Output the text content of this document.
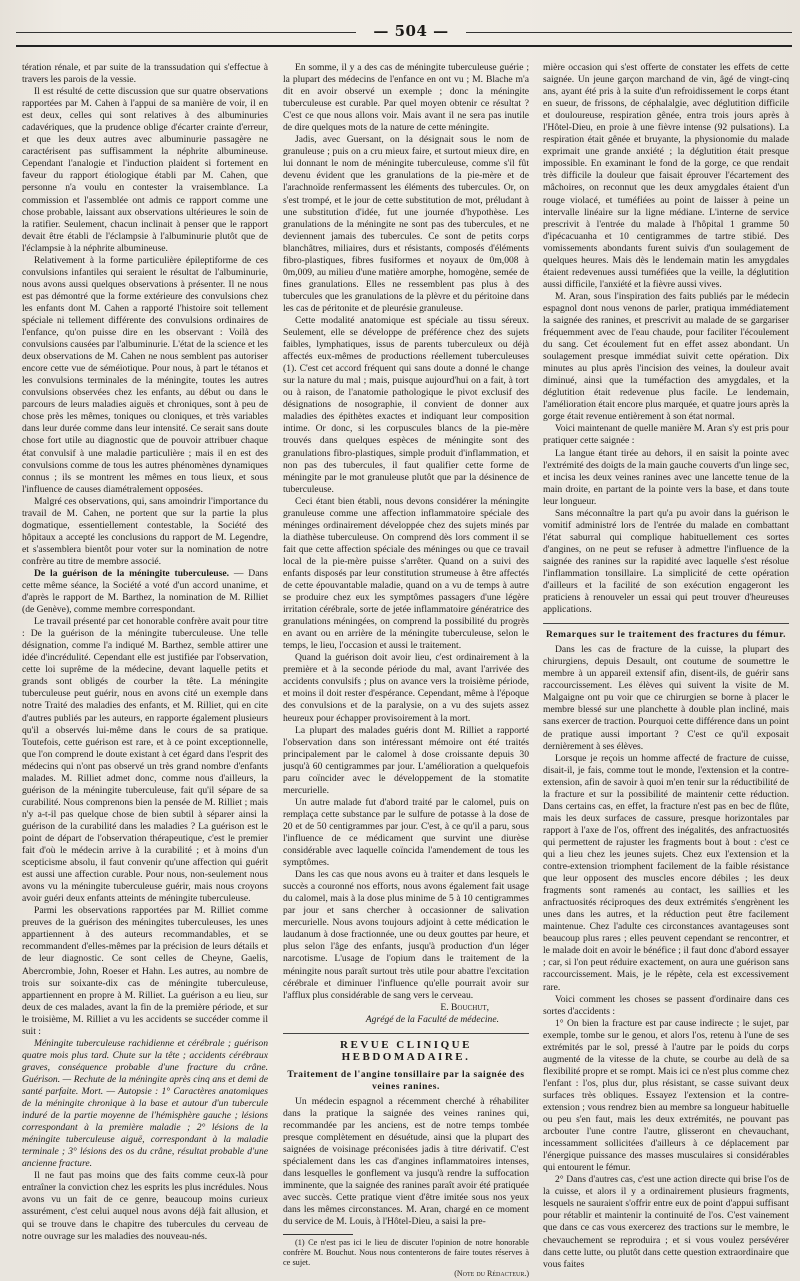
— 504 —

tération rénale, et par suite de la transsudation qui s'effectue à travers les parois de la vessie.

Il est résulté de cette discussion que sur quatre observations rapportées par M. Cahen à l'appui de sa manière de voir, il en est deux, celles qui sont relatives à des albuminuries cadavériques, que la prudence oblige d'écarter crainte d'erreur, et que les deux autres avec albuminurie passagère ne caractérisent pas suffisamment la néphrite albumineuse. Cependant l'analogie et l'induction plaident si fortement en faveur du rapport étiologique établi par M. Cahen, que personne n'a voulu en contester la vraisemblance. La commission et l'assemblée ont admis ce rapport comme une chose probable, laissant aux observations ultérieures le soin de la ratifier. Seulement, chacun inclinait à penser que le rapport devait être établi de l'éclampsie à l'albuminurie plutôt que de l'éclampsie à la néphrite albumineuse.

Relativement à la forme particulière épileptiforme de ces convulsions infantiles qui seraient le résultat de l'albuminurie, nous avons aussi quelques observations à présenter. Il ne nous est pas démontré que la forme extérieure des convulsions chez les enfants dont M. Cahen a rapporté l'histoire soit tellement spéciale ni tellement différente des convulsions ordinaires de l'enfance, qu'on puisse dire en les observant : Voilà des convulsions causées par l'albuminurie. L'état de la science et les deux observations de M. Cahen ne nous semblent pas autoriser encore cette vue de séméiotique. Pour nous, à part le tétanos et les convulsions terminales de la méningite, toutes les autres convulsions observées chez les enfants, au début ou dans le parcours de leurs maladies aiguës et chroniques, sont à peu de chose près les mêmes, toniques ou cloniques, et très variables dans leur durée comme dans leur intensité. Ce serait sans doute chose fort utile au diagnostic que de pouvoir attribuer chaque état convulsif à une maladie particulière ; mais il en est des convulsions comme de tous les autres phénomènes dynamiques connus ; ils se montrent les mêmes en tous lieux, et sous l'influence de causes diamétralement opposées.

Malgré ces observations, qui, sans amoindrir l'importance du travail de M. Cahen, ne portent que sur la partie la plus dogmatique, essentiellement contestable, la Société des hôpitaux a accepté les conclusions du rapport de M. Legendre, et s'assemblera bientôt pour voter sur la nomination de notre confrère au titre de membre associé.

De la guérison de la méningite tuberculeuse. — Dans cette même séance, la Société a voté d'un accord unanime, et d'après le rapport de M. Barthez, la nomination de M. Rilliet (de Genève), comme membre correspondant.

Le travail présenté par cet honorable confrère avait pour titre : De la guérison de la méningite tuberculeuse. Une telle désignation, comme l'a indiqué M. Barthez, semble attirer une idée d'incrédulité. Cependant elle est justifiée par l'observation, cette loi suprême de la médecine, devant laquelle petits et grands sont obligés de courber la tête. La méningite tuberculeuse peut guérir, nous en avons cité un exemple dans notre Traité des maladies des enfants, et M. Rilliet, qui en cite d'autres publiés par les auteurs, en rapporte également plusieurs qu'il a observés lui-même dans le cours de sa pratique. Toutefois, cette guérison est rare, et à ce point exceptionnelle, que l'on comprend le doute existant à cet égard dans l'esprit des médecins qui n'ont pas observé un très grand nombre d'enfants malades. M. Rilliet admet donc, comme nous d'ailleurs, la guérison de la méningite tuberculeuse, fait qu'il sépare de sa curabilité. Nous comprenons bien la pensée de M. Rilliet ; mais n'y a-t-il pas quelque chose de bien subtil à séparer ainsi la guérison de la curabilité dans les maladies ? La guérison est le point de départ de l'observation thérapeutique, c'est le premier fait d'où le médecin arrive à la curabilité ; et à moins d'un scepticisme absolu, il faut convenir qu'une affection qui guérit est aussi une affection curable. Pour nous, non-seulement nous avons vu la méningite tuberculeuse guérir, mais nous croyons avoir guéri deux enfants atteints de méningite tuberculeuse.

Parmi les observations rapportées par M. Rilliet comme preuves de la guérison des méningites tuberculeuses, les unes appartiennent à des auteurs recommandables, et se recommandent d'elles-mêmes par la précision de leurs détails et de leur diagnostic. Ce sont celles de Cheyne, Gaelis, Abercrombie, John, Roeser et Hahn. Les autres, au nombre de trois sur soixante-dix cas de méningite tuberculeuse, appartiennent en propre à M. Rilliet. La guérison a eu lieu, sur deux de ces malades, avant la fin de la première période, et sur le troisième, M. Rilliet a vu les accidents se succéder comme il suit :

Méningite tuberculeuse rachidienne et cérébrale ; guérison quatre mois plus tard. Chute sur la tête ; accidents cérébraux graves, conséquence probable d'une fracture du crâne. Guérison. — Rechute de la méningite après cinq ans et demi de santé parfaite. Mort. — Autopsie : 1° Caractères anatomiques de la méningite chronique à la base et autour d'un tubercule induré de la partie moyenne de l'hémisphère gauche ; lésions correspondant à la première maladie ; 2° lésions de la méningite tuberculeuse aiguë, correspondant à la maladie terminale ; 3° lésions des os du crâne, résultat probable d'une ancienne fracture.

Il ne faut pas moins que des faits comme ceux-là pour entraîner la conviction chez les esprits les plus incrédules. Nous avons vu un fait de ce genre, beaucoup moins curieux assurément, c'est celui auquel nous avons déjà fait allusion, et qui se trouve dans le chapitre des tubercules du cerveau de notre ouvrage sur les maladies des nouveau-nés.

En somme, il y a des cas de méningite tuberculeuse guérie ; la plupart des médecins de l'enfance en ont vu ; M. Blache m'a dit en avoir observé un exemple ; donc la méningite tuberculeuse est curable. Par quel moyen obtenir ce résultat ? C'est ce que nous allons voir. Mais avant il ne sera pas inutile de dire quelques mots de la nature de cette méningite.

Jadis, avec Guersant, on la désignait sous le nom de granuleuse ; puis on a cru mieux faire, et surtout mieux dire, en lui donnant le nom de méningite tuberculeuse, comme s'il fût devenu évident que les granulations de la pie-mère et de l'arachnoïde renfermassent les éléments des tubercules. Or, on s'est trompé, et le jour de cette substitution de mot, préludant à une substitution d'idée, fut une journée d'hypothèse. Les granulations de la méningite ne sont pas des tubercules, et ne deviennent jamais des tubercules. Ce sont de petits corps blanchâtres, miliaires, durs et résistants, composés d'éléments fibro-plastiques, fibres fusiformes et noyaux de 0m,008 à 0m,009, au milieu d'une matière amorphe, homogène, semée de fines granulations. Elles ne ressemblent pas plus à des tubercules que les granulations de la plèvre et du péritoine dans les cas de péritonite et de pleurésie granuleuse.

Cette modalité anatomique est spéciale au tissu séreux. Seulement, elle se développe de préférence chez des sujets faibles, lymphatiques, issus de parents tuberculeux ou déjà affectés eux-mêmes de productions réellement tuberculeuses (1). C'est cet accord fréquent qui sans doute a donné le change sur la nature du mal ; mais, puisque aujourd'hui on a fait, à tort ou à raison, de l'anatomie pathologique le pivot exclusif des désignations de nosographie, il convient de donner aux maladies des épithètes exactes et indiquant leur composition intime. Or donc, si les corpuscules blancs de la pie-mère trouvés dans quelques espèces de méningite sont des granulations fibro-plastiques, simple produit d'inflammation, et non pas des tubercules, il faut qualifier cette forme de méningite par le mot granuleuse plutôt que par la désinence de tuberculeuse.

Ceci étant bien établi, nous devons considérer la méningite granuleuse comme une affection inflammatoire spéciale des méninges ordinairement développée chez des sujets minés par la diathèse tuberculeuse. On comprend dès lors comment il se fait que cette affection spéciale des méninges ou que ce travail local de la pie-mère puisse s'arrêter. Quand on a suivi des enfants disposés par leur constitution strumeuse à être affectés de cette épouvantable maladie, quand on a vu de temps à autre se produire chez eux les symptômes passagers d'une légère irritation cérébrale, sorte de jetée inflammatoire génératrice des granulations méningées, on comprend la possibilité du progrès en avant ou en arrière de la méningite tuberculeuse, selon le temps, le lieu, l'occasion et aussi le traitement.

Quand la guérison doit avoir lieu, c'est ordinairement à la première et à la seconde période du mal, avant l'arrivée des accidents convulsifs ; plus on avance vers la troisième période, et moins il doit rester d'espérance. Cependant, même à l'époque des convulsions et de la paralysie, on a vu des sujets assez heureux pour échapper provisoirement à la mort.

La plupart des malades guéris dont M. Rilliet a rapporté l'observation dans son intéressant mémoire ont été traités principalement par le calomel à dose croissante depuis 30 jusqu'à 60 centigrammes par jour. L'amélioration a quelquefois paru coïncider avec le développement de la stomatite mercurielle.

Un autre malade fut d'abord traité par le calomel, puis on remplaça cette substance par le sulfure de potasse à la dose de 20 et de 50 centigrammes par jour. C'est, à ce qu'il a paru, sous l'influence de ce médicament que survint une diurèse considérable avec laquelle coïncida l'amendement de tous les symptômes.

Dans les cas que nous avons eu à traiter et dans lesquels le succès a couronné nos efforts, nous avons également fait usage du calomel, mais à la dose plus minime de 5 à 10 centigrammes par jour et sans chercher à occasionner de salivation mercurielle. Nous avons toujours adjoint à cette médication le laudanum à dose fractionnée, une ou deux gouttes par heure, et plus selon l'âge des enfants, jusqu'à production d'un léger narcotisme. L'usage de l'opium dans le traitement de la méningite nous paraît surtout très utile pour abattre l'excitation cérébrale et diminuer l'influence qu'elle pourrait avoir sur l'afflux plus considérable de sang vers le cerveau.

E. Bouchut,
Agrégé de la Faculté de médecine.
REVUE CLINIQUE HEBDOMADAIRE.
Traitement de l'angine tonsillaire par la saignée des veines ranines.

Un médecin espagnol a récemment cherché à réhabiliter dans la pratique la saignée des veines ranines qui, recommandée par les anciens, est de notre temps tombée presque complètement en désuétude, ainsi que la plupart des saignées de voisinage préconisées jadis à titre dérivatif. C'est spécialement dans les cas d'angines inflammatoires intenses, dans lesquelles le gonflement va jusqu'à rendre la suffocation imminente, que la saignée des ranines paraît avoir été pratiquée avec succès. Cette pratique vient d'être imitée sous nos yeux dans les mêmes circonstances. M. Aran, chargé en ce moment du service de M. Louis, à l'Hôtel-Dieu, a saisi la pre-

(1) Ce n'est pas ici le lieu de discuter l'opinion de notre honorable confrère M. Bouchut. Nous nous contenterons de faire toutes réserves à ce sujet.

(Note du Rédacteur.)

mière occasion qui s'est offerte de constater les effets de cette saignée. Un jeune garçon marchand de vin, âgé de vingt-cinq ans, ayant été pris à la suite d'un refroidissement le corps étant en sueur, de frissons, de céphalalgie, avec déglutition difficile et douloureuse, respiration gênée, entra trois jours après à l'Hôtel-Dieu, en proie à une fièvre intense (92 pulsations). La respiration était gênée et bruyante, la physionomie du malade exprimait une grande anxiété ; la déglutition était presque impossible. En examinant le fond de la gorge, ce que rendait très difficile la douleur que faisait éprouver l'écartement des mâchoires, on reconnut que les deux amygdales étaient d'un rouge violacé, et tuméfiées au point de laisser à peine un intervalle linéaire sur la ligne médiane. L'interne de service prescrivit à l'entrée du malade à l'hôpital 1 gramme 50 d'ipécacuanha et 10 centigrammes de tartre stibié. Des vomissements abondants furent suivis d'un soulagement de quelques heures. Mais dès le lendemain matin les amygdales étaient redevenues aussi tuméfiées que la veille, la déglutition aussi difficile, l'anxiété et la fièvre aussi vives.

M. Aran, sous l'inspiration des faits publiés par le médecin espagnol dont nous venons de parler, pratiqua immédiatement la saignée des ranines, et prescrivit au malade de se gargariser fréquemment avec de l'eau chaude, pour faciliter l'écoulement du sang. Cet écoulement fut en effet assez abondant. Un soulagement presque immédiat suivit cette opération. Dix minutes au plus après l'incision des veines, la douleur avait diminué, ainsi que la tuméfaction des amygdales, et la déglutition était redevenue plus facile. Le lendemain, l'amélioration était encore plus marquée, et quatre jours après la gorge était revenue entièrement à son état normal.

Voici maintenant de quelle manière M. Aran s'y est pris pour pratiquer cette saignée :

La langue étant tirée au dehors, il en saisit la pointe avec l'extrémité des doigts de la main gauche couverts d'un linge sec, et incisa les deux veines ranines avec une lancette tenue de la main droite, en partant de la pointe vers la base, et dans toute leur longueur.

Sans méconnaître la part qu'a pu avoir dans la guérison le vomitif administré lors de l'entrée du malade en combattant l'état saburral qui complique habituellement ces sortes d'angines, on ne peut se refuser à admettre l'influence de la saignée des ranines sur la rapidité avec laquelle s'est résolue l'inflammation tonsillaire. La simplicité de cette opération d'ailleurs et la facilité de son exécution engageront les praticiens à renouveler un essai qui peut trouver d'heureuses applications.

Remarques sur le traitement des fractures du fémur.

Dans les cas de fracture de la cuisse, la plupart des chirurgiens, depuis Desault, ont coutume de soumettre le membre à un appareil extensif afin, disent-ils, de guérir sans raccourcissement. Les élèves qui suivent la visite de M. Malgaigne ont pu voir que ce chirurgien se borne à placer le membre blessé sur une planchette à double plan incliné, mais sans exercer de traction. Pourquoi cette différence dans un point de pratique aussi important ? C'est ce qu'il exposait dernièrement à ses élèves.

Lorsque je reçois un homme affecté de fracture de cuisse, disait-il, je fais, comme tout le monde, l'extension et la contre-extension, afin de savoir à quoi m'en tenir sur la réductibilité de la fracture et sur la possibilité de maintenir cette réduction. Dans certains cas, en effet, la fracture n'est pas en bec de flûte, mais les deux surfaces de cassure, presque horizontales par rapport à l'axe de l'os, offrent des inégalités, des anfractuosités qui permettent de rajuster les fragments bout à bout : c'est ce qui a lieu chez les jeunes sujets. Chez eux l'extension et la contre-extension triomphent facilement de la faible résistance que leur opposent des muscles encore débiles ; les deux fragments sont ramenés au contact, les saillies et les anfractuosités réciproques des deux extrémités s'engrènent les unes dans les autres, et la réduction peut être facilement maintenue. Chez l'adulte ces circonstances avantageuses sont beaucoup plus rares ; elles peuvent cependant se rencontrer, et le malade doit en avoir le bénéfice ; il faut donc d'abord essayer ; car, si l'on peut réduire exactement, on aura une guérison sans raccourcissement. Mais, je le répète, cela est excessivement rare.

Voici comment les choses se passent d'ordinaire dans ces sortes d'accidents :

1° On bien la fracture est par cause indirecte ; le sujet, par exemple, tombe sur le genou, et alors l'os, retenu à l'une de ses extrémités par le sol, pressé à l'autre par le poids du corps augmenté de la vitesse de la chute, se courbe au delà de sa flexibilité propre et se rompt. Mais ici ce n'est plus comme chez l'enfant : l'os, plus dur, plus résistant, se casse suivant deux surfaces très obliques. Essayez l'extension et la contre-extension ; vous rendrez bien au membre sa longueur habituelle ou peu s'en faut, mais les deux extrémités, ne pouvant pas arcbouter l'une contre l'autre, glisseront en chevauchant, incessamment sollicitées d'ailleurs à ce déplacement par l'énergique puissance des masses musculaires si considérables qui entourent le fémur.

2° Dans d'autres cas, c'est une action directe qui brise l'os de la cuisse, et alors il y a ordinairement plusieurs fragments, lesquels ne sauraient s'offrir entre eux de point d'appui suffisant pour rétablir et maintenir la continuité de l'os. C'est vainement que dans ce cas vous exercerez des tractions sur le membre, le chevauchement se reproduira ; et si vous voulez persévérer dans cette lutte, ou plutôt dans cette question extraordinaire que vous faites
